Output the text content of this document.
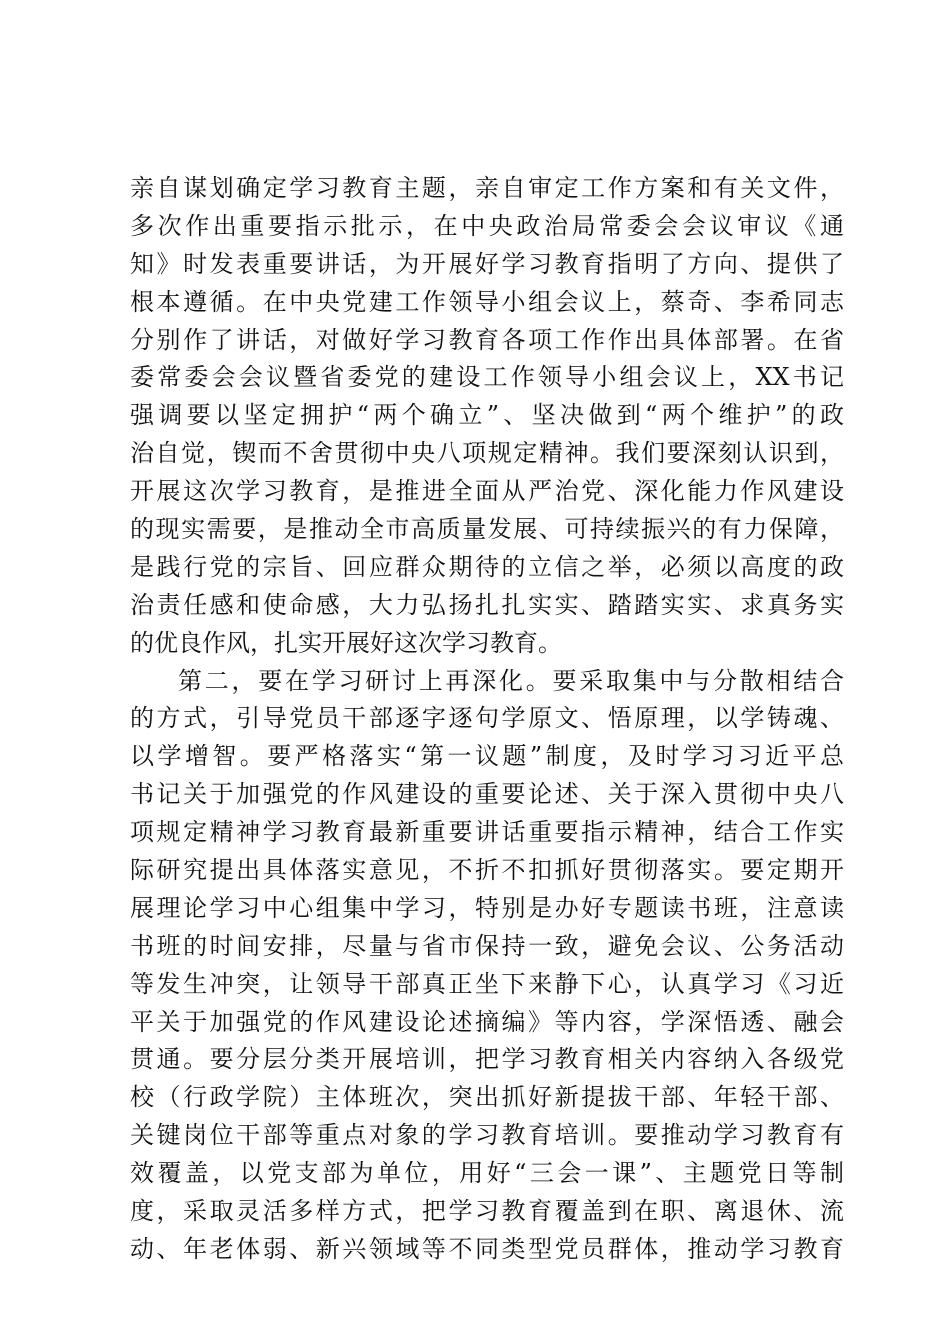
亲自谋划确定学习教育主题，亲自审定工作方案和有关文件，
多次作出重要指示批示，在中央政治局常委会会议审议《通
知》时发表重要讲话，为开展好学习教育指明了方向、提供了
根本遵循。在中央党建工作领导小组会议上，蔡奇、李希同志
分别作了讲话，对做好学习教育各项工作作出具体部署。在省
委常委会会议暨省委党的建设工作领导小组会议上，XX书记
强调要以坚定拥护“两个确立”、坚决做到“两个维护”的政
治自觉，锲而不舍贯彻中央八项规定精神。我们要深刻认识到，
开展这次学习教育，是推进全面从严治党、深化能力作风建设
的现实需要，是推动全市高质量发展、可持续振兴的有力保障，
是践行党的宗旨、回应群众期待的立信之举，必须以高度的政
治责任感和使命感，大力弘扬扎扎实实、踏踏实实、求真务实
的优良作风，扎实开展好这次学习教育。
第二，要在学习研讨上再深化。要采取集中与分散相结合
的方式，引导党员干部逐字逐句学原文、悟原理，以学铸魂、
以学增智。要严格落实“第一议题”制度，及时学习习近平总
书记关于加强党的作风建设的重要论述、关于深入贯彻中央八
项规定精神学习教育最新重要讲话重要指示精神，结合工作实
际研究提出具体落实意见，不折不扣抓好贯彻落实。要定期开
展理论学习中心组集中学习，特别是办好专题读书班，注意读
书班的时间安排，尽量与省市保持一致，避免会议、公务活动
等发生冲突，让领导干部真正坐下来静下心，认真学习《习近
平关于加强党的作风建设论述摘编》等内容，学深悟透、融会
贯通。要分层分类开展培训，把学习教育相关内容纳入各级党
校（行政学院）主体班次，突出抓好新提拔干部、年轻干部、
关键岗位干部等重点对象的学习教育培训。要推动学习教育有
效覆盖，以党支部为单位，用好“三会一课”、主题党日等制
度，采取灵活多样方式，把学习教育覆盖到在职、离退休、流
动、年老体弱、新兴领域等不同类型党员群体，推动学习教育
